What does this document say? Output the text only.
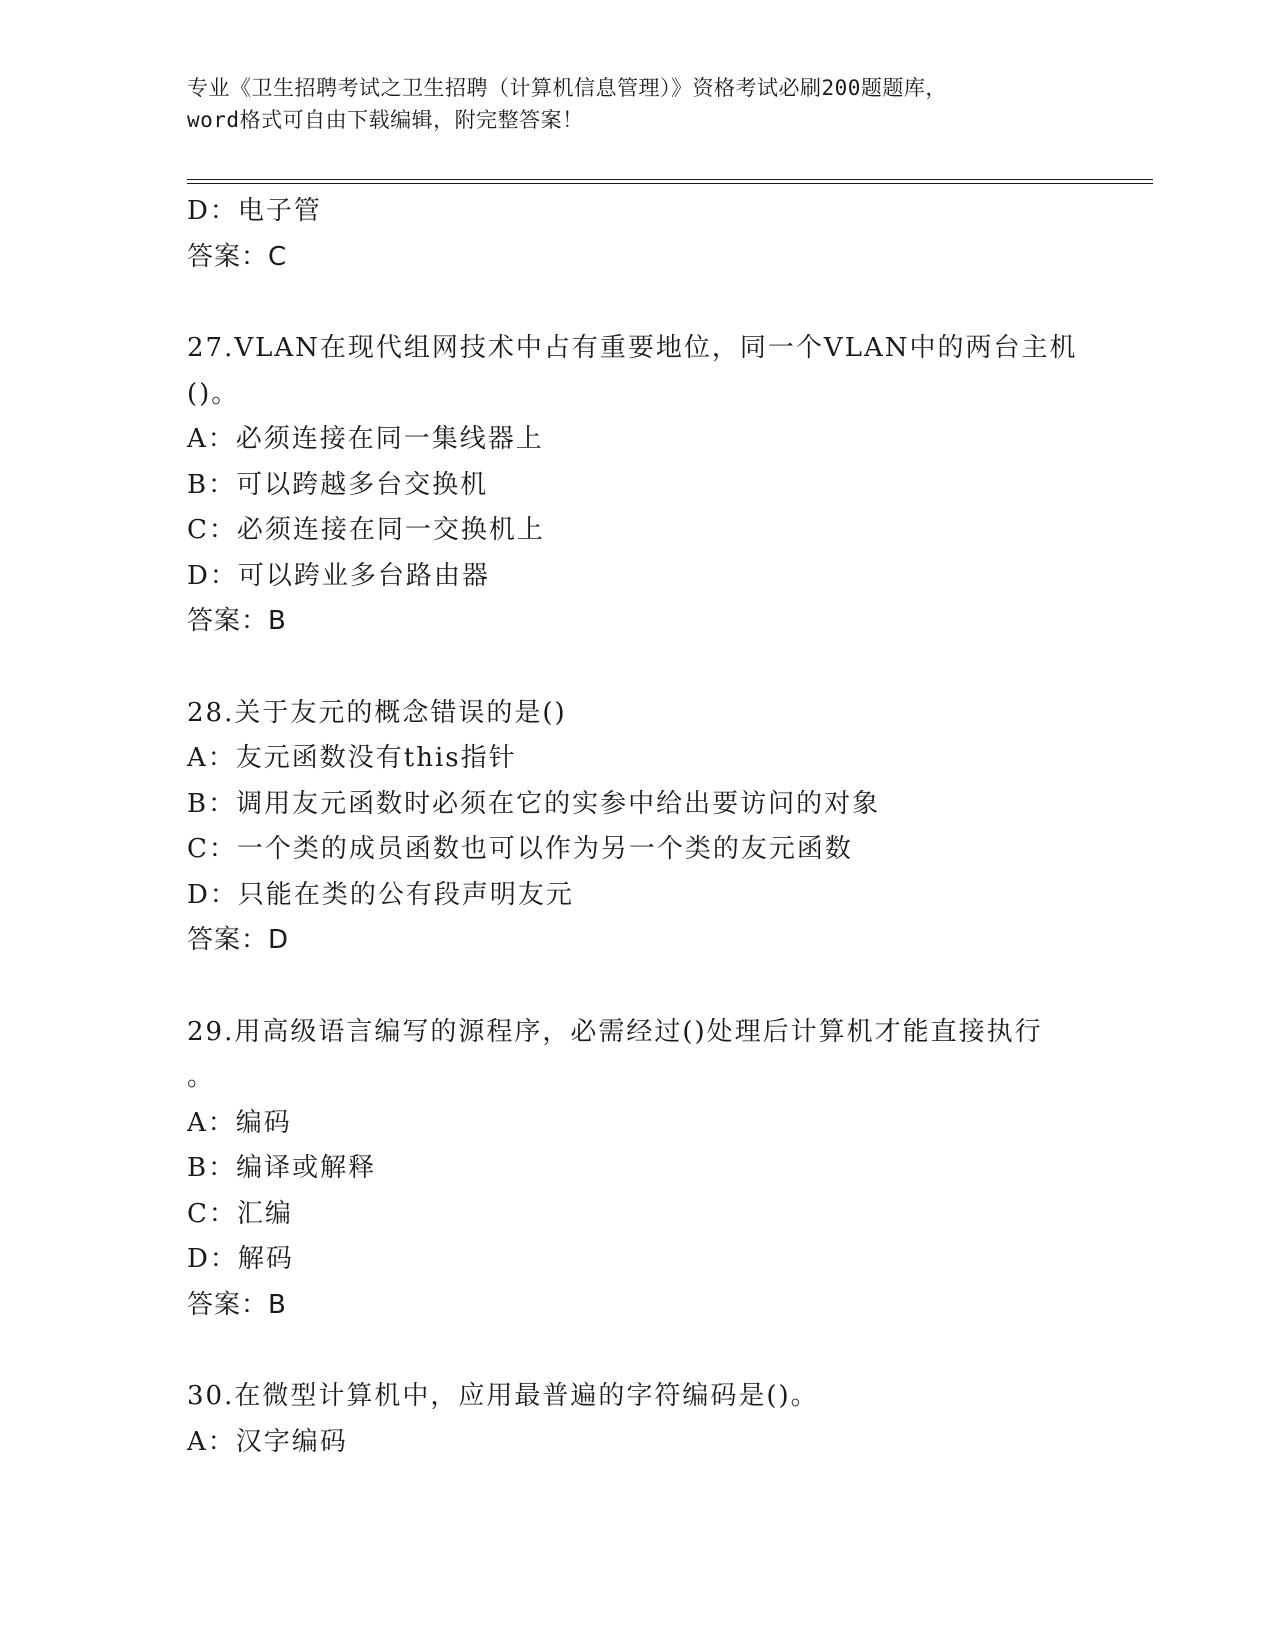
专业《卫生招聘考试之卫生招聘（计算机信息管理）》资格考试必刷200题题库，
word格式可自由下载编辑，附完整答案！
D：电子管
答案：C
27.VLAN在现代组网技术中占有重要地位，同一个VLAN中的两台主机
()。
A：必须连接在同一集线器上
B：可以跨越多台交换机
C：必须连接在同一交换机上
D：可以跨业多台路由器
答案：B
28.关于友元的概念错误的是()
A：友元函数没有this指针
B：调用友元函数时必须在它的实参中给出要访问的对象
C：一个类的成员函数也可以作为另一个类的友元函数
D：只能在类的公有段声明友元
答案：D
29.用高级语言编写的源程序，必需经过()处理后计算机才能直接执行
。
A：编码
B：编译或解释
C：汇编
D：解码
答案：B
30.在微型计算机中，应用最普遍的字符编码是()。
A：汉字编码
